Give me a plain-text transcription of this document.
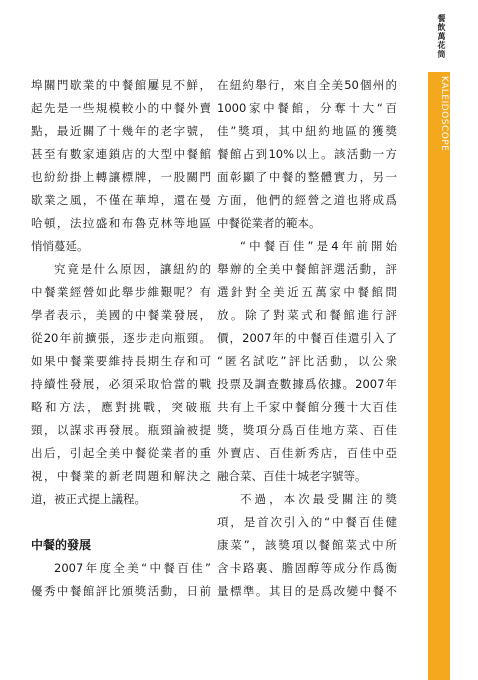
餐飲萬花筒
KALEIDOSCOPE
埠關門歇業的中餐館屢見不鮮，
起先是一些規模較小的中餐外賣
點，最近關了十幾年的老字號，
甚至有數家連鎖店的大型中餐館
也紛紛掛上轉讓標牌，一股關門
歇業之風，不僅在華埠，還在曼
哈頓，法拉盛和布魯克林等地區
悄悄蔓延。
究竟是什么原因，讓紐約的
中餐業經營如此舉步維艱呢？有
學者表示，美國的中餐業發展，
從20年前擴張，逐步走向瓶頸。
如果中餐業要維持長期生存和可
持續性發展，必須采取恰當的戰
略和方法，應對挑戰，突破瓶
頸，以謀求再發展。瓶頸論被提
出后，引起全美中餐從業者的重
視，中餐業的新老問題和解決之
道，被正式提上議程。
中餐的發展
2007年度全美“中餐百佳”
優秀中餐館評比頒獎活動，日前
在紐約舉行，來自全美50個州的
1000家中餐館，分奪十大“百
佳”獎項，其中紐約地區的獲獎
餐館占到10%以上。該活動一方
面彰顯了中餐的整體實力，另一
方面，他們的經營之道也將成爲
中餐從業者的範本。
“中餐百佳”是4年前開始
舉辦的全美中餐館評選活動，評
選針對全美近五萬家中餐館問
放。除了對菜式和餐館進行評
價，2007年的中餐百佳還引入了
“匿名試吃”評比活動，以公衆
投票及調查數據爲依據。2007年
共有上千家中餐館分獲十大百佳
獎，獎項分爲百佳地方菜、百佳
外賣店、百佳新秀店，百佳中亞
融合菜、百佳十城老字號等。
不過，本次最受關注的獎
項，是首次引入的“中餐百佳健
康菜”，該獎項以餐館菜式中所
含卡路裏、膽固醇等成分作爲衡
量標準。其目的是爲改變中餐不
